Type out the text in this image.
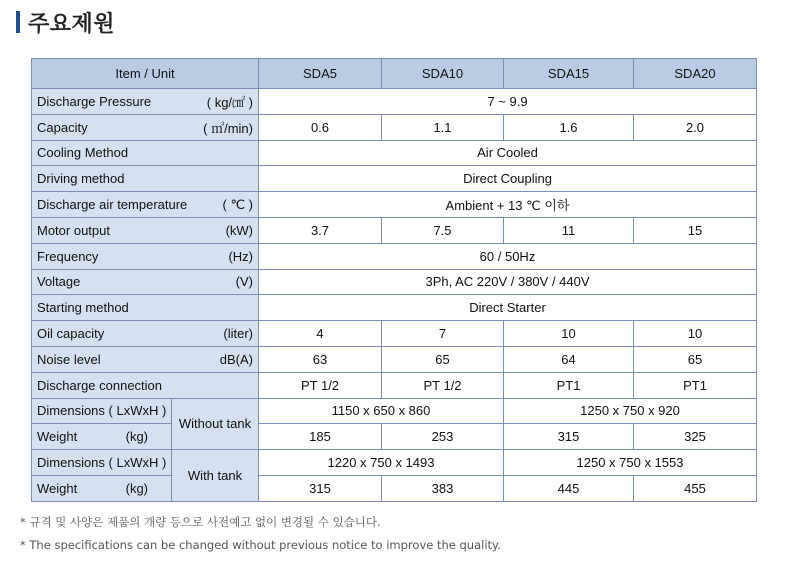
주요제원
Item / Unit		SDA5	SDA10	SDA15	SDA20

Discharge Pressure ( kg/㎠ )		7 ~ 9.9			

Capacity ( ㎥/min)		0.6	1.1	1.6	2.0
Cooling Method		Air Cooled			
Driving method		Direct Coupling			

Discharge air temperature ( ℃ )		Ambient + 13 ℃ 이하			

Motor output (kW)		3.7	7.5	11	15

Frequency (Hz)		60 / 50Hz			

Voltage (V)		3Ph, AC 220V / 380V / 440V			
Starting method		Direct Starter			

Oil capacity (liter)		4	7	10	10

Noise level dB(A)		63	65	64	65
Discharge connection		PT 1/2	PT 1/2	PT1	PT1
Dimensions ( LxWxH )	Without tank	1150 x 650 x 860		1250 x 750 x 920	

Weight (kg)		185	253	315	325
Dimensions ( LxWxH )	With tank	1220 x 750 x 1493		1250 x 750 x 1553	

Weight (kg)		315	383	445	455
* 규격 및 사양은 제품의 개량 등으로 사전예고 없이 변경될 수 있습니다.
* The specifications can be changed without previous notice to improve the quality.
